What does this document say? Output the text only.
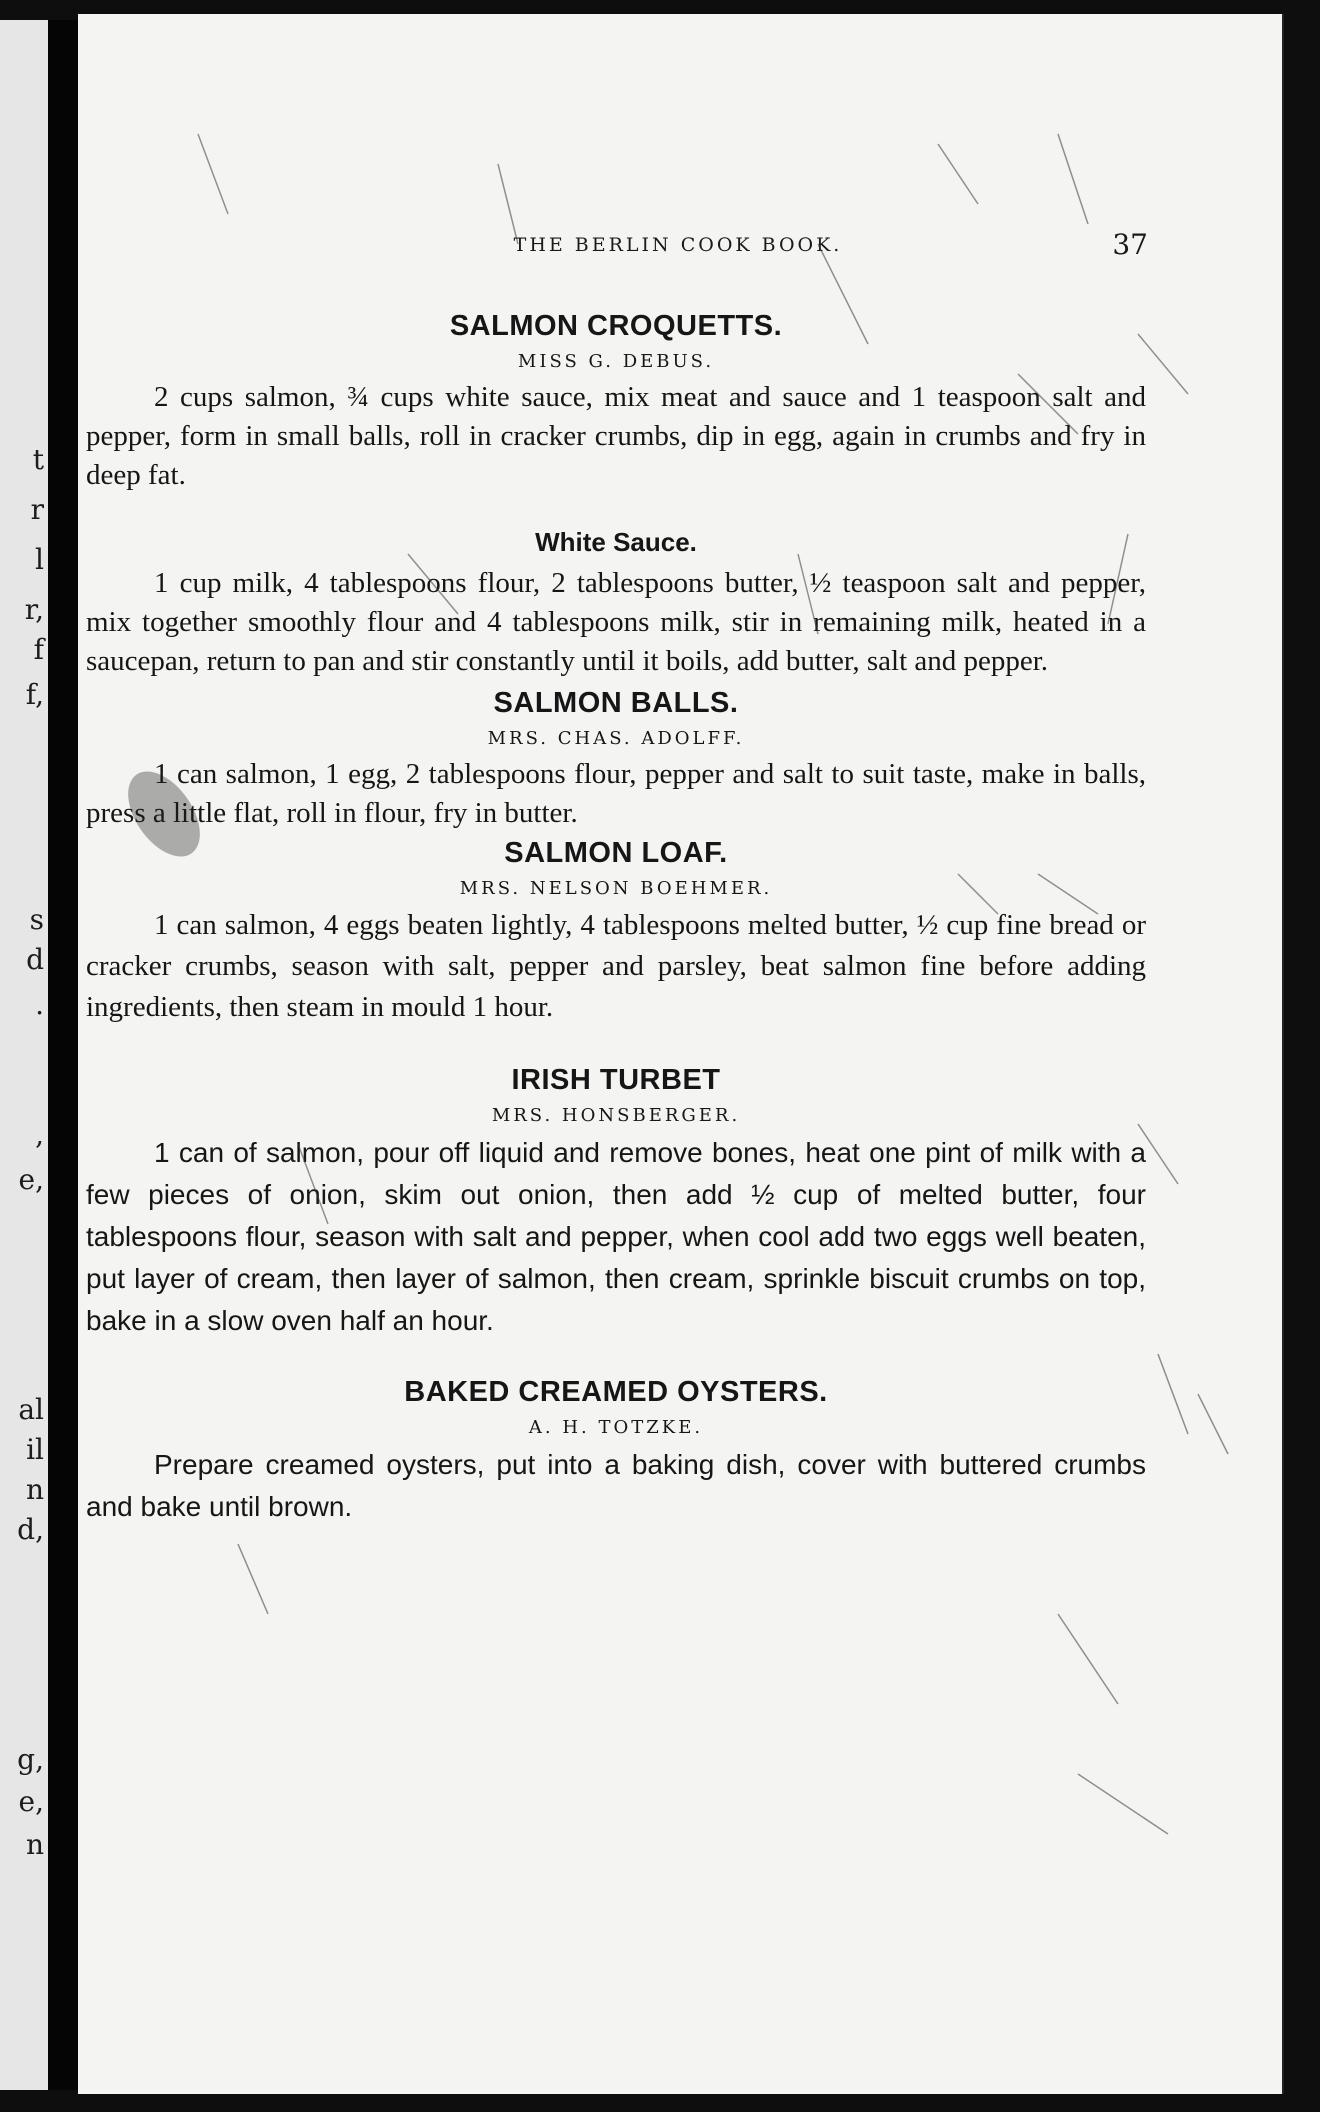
t
r
l
r,
f
f,
s
d
.
,
e,
al
il
n
d,
g,
e,
n
THE BERLIN COOK BOOK.	37
SALMON CROQUETTS.
MISS G. DEBUS.

2 cups salmon, ¾ cups white sauce, mix meat and sauce and 1 teaspoon salt and pepper, form in small balls, roll in cracker crumbs, dip in egg, again in crumbs and fry in deep fat.

White Sauce.

1 cup milk, 4 tablespoons flour, 2 tablespoons butter, ½ teaspoon salt and pepper, mix together smoothly flour and 4 tablespoons milk, stir in remaining milk, heated in a saucepan, return to pan and stir constantly until it boils, add butter, salt and pepper.

SALMON BALLS.
MRS. CHAS. ADOLFF.

1 can salmon, 1 egg, 2 tablespoons flour, pepper and salt to suit taste, make in balls, press a little flat, roll in flour, fry in butter.

SALMON LOAF.
MRS. NELSON BOEHMER.

1 can salmon, 4 eggs beaten lightly, 4 tablespoons melted butter, ½ cup fine bread or cracker crumbs, season with salt, pepper and parsley, beat salmon fine before adding ingredients, then steam in mould 1 hour.

IRISH TURBET
MRS. HONSBERGER.

1 can of salmon, pour off liquid and remove bones, heat one pint of milk with a few pieces of onion, skim out onion, then add ½ cup of melted butter, four tablespoons flour, season with salt and pepper, when cool add two eggs well beaten, put layer of cream, then layer of salmon, then cream, sprinkle biscuit crumbs on top, bake in a slow oven half an hour.

BAKED CREAMED OYSTERS.
A. H. TOTZKE.

Prepare creamed oysters, put into a baking dish, cover with buttered crumbs and bake until brown.
